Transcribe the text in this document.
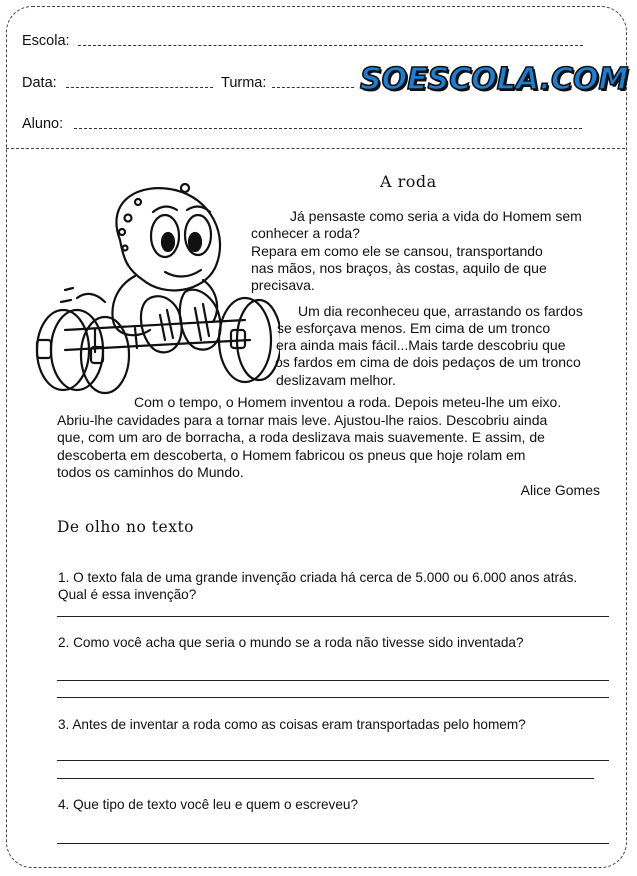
Escola:
Data:	Turma:	SOESCOLA.COM
Aluno:
A roda
Já pensaste como seria a vida do Homem sem
conhecer a roda?
Repara em como ele se cansou, transportando
nas mãos, nos braços, às costas, aquilo de que
precisava.
Um dia reconheceu que, arrastando os fardos
se esforçava menos. Em cima de um tronco
era ainda mais fácil...Mais tarde descobriu que
os fardos em cima de dois pedaços de um tronco
deslizavam melhor.
Com o tempo, o Homem inventou a roda. Depois meteu-lhe um eixo.
Abriu-lhe cavidades para a tornar mais leve. Ajustou-lhe raios. Descobriu ainda
que, com um aro de borracha, a roda deslizava mais suavemente. E assim, de
descoberta em descoberta, o Homem fabricou os pneus que hoje rolam em
todos os caminhos do Mundo.
Alice Gomes
De olho no texto
1. O texto fala de uma grande invenção criada há cerca de 5.000 ou 6.000 anos atrás.
Qual é essa invenção?
2. Como você acha que seria o mundo se a roda não tivesse sido inventada?
3. Antes de inventar a roda como as coisas eram transportadas pelo homem?
4. Que tipo de texto você leu e quem o escreveu?
